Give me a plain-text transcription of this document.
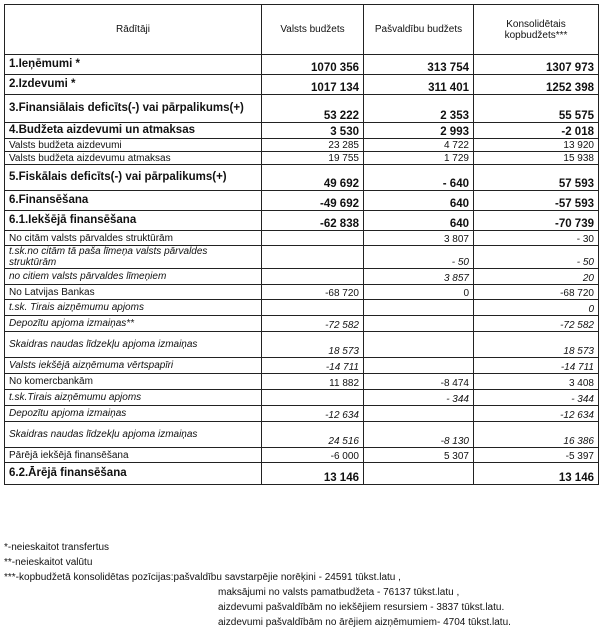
Rādītāji	Valsts budžets	Pašvaldību budžets	Konsolidētais kopbudžets***
1.Ieņēmumi *	1070 356	313 754	1307 973
2.Izdevumi *	1017 134	311 401	1252 398
3.Finansiālais deficīts(-) vai pārpalikums(+)	53 222	2 353	55 575
4.Budžeta aizdevumi un atmaksas	3 530	2 993	-2 018
Valsts budžeta aizdevumi	23 285	4 722	13 920
Valsts budžeta aizdevumu atmaksas	19 755	1 729	15 938
5.Fiskālais deficīts(-) vai pārpalikums(+)	49 692	- 640	57 593
6.Finansēšana	-49 692	640	-57 593
6.1.Iekšējā finansēšana	-62 838	640	-70 739
No citām valsts pārvaldes struktūrām		3 807	- 30
t.sk.no citām tā paša līmeņa valsts pārvaldes struktūrām		- 50	- 50
no citiem valsts pārvaldes līmeņiem		3 857	20
No Latvijas Bankas	-68 720	0	-68 720
t.sk. Tirais aizņēmumu apjoms			0
Depozītu apjoma izmaiņas**	-72 582		-72 582
Skaidras naudas līdzekļu apjoma izmaiņas	18 573		18 573
Valsts iekšējā aizņēmuma vērtspapīri	-14 711		-14 711
No komercbankām	11 882	-8 474	3 408
t.sk.Tirais aizņēmumu apjoms		- 344	- 344
Depozītu apjoma izmaiņas	-12 634		-12 634
Skaidras naudas līdzekļu apjoma izmaiņas	24 516	-8 130	16 386
Pārējā iekšējā finansēšana	-6 000	5 307	-5 397
6.2.Ārējā finansēšana	13 146		13 146
*-neieskaitot transfertus
**-neieskaitot valūtu
***-kopbudžetā konsolidētas pozīcijas:pašvaldību savstarpējie norēķini - 24591 tūkst.latu ,
maksājumi no valsts pamatbudžeta - 76137 tūkst.latu ,
aizdevumi pašvaldībām no iekšējiem resursiem - 3837 tūkst.latu.
aizdevumi pašvaldībām no ārējiem aizņēmumiem- 4704 tūkst.latu.
